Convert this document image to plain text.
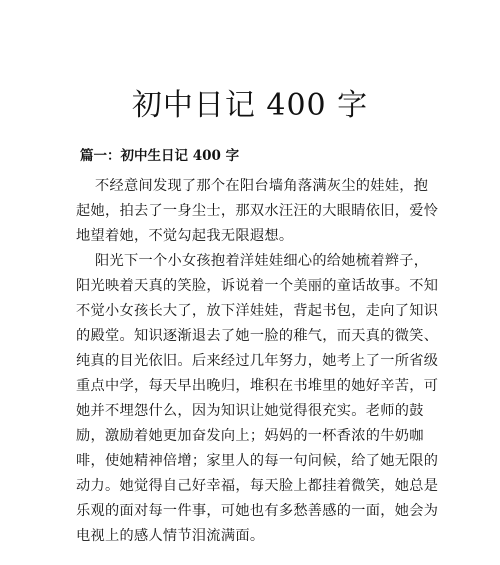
初中日记 400 字
篇一：初中生日记 400 字
不经意间发现了那个在阳台墙角落满灰尘的娃娃，抱
起她，拍去了一身尘士，那双水汪汪的大眼睛依旧，爱怜
地望着她，不觉勾起我无限遐想。
阳光下一个小女孩抱着洋娃娃细心的给她梳着辫子，
阳光映着天真的笑脸，诉说着一个美丽的童话故事。不知
不觉小女孩长大了，放下洋娃娃，背起书包，走向了知识
的殿堂。知识逐渐退去了她一脸的稚气，而天真的微笑、
纯真的目光依旧。后来经过几年努力，她考上了一所省级
重点中学，每天早出晚归，堆积在书堆里的她好辛苦，可
她并不埋怨什么，因为知识让她觉得很充实。老师的鼓
励，激励着她更加奋发向上；妈妈的一杯香浓的牛奶咖
啡，使她精神倍增；家里人的每一句问候，给了她无限的
动力。她觉得自己好幸福，每天脸上都挂着微笑，她总是
乐观的面对每一件事，可她也有多愁善感的一面，她会为
电视上的感人情节泪流满面。
